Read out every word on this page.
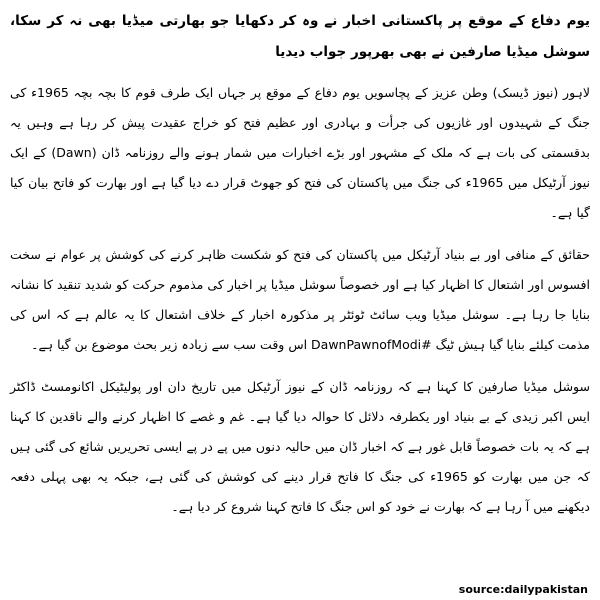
یوم دفاع کے موقع پر پاکستانی اخبار نے وہ کر دکھایا جو بھارتی میڈیا بھی نہ کر سکا، سوشل میڈیا صارفین نے بھی بھرپور جواب دیدیا

لاہور (نیوز ڈیسک) وطن عزیز کے پچاسویں یوم دفاع کے موقع پر جہاں ایک طرف قوم کا بچہ بچہ 1965ء کی جنگ کے شہیدوں اور غازیوں کی جرأت و بہادری اور عظیم فتح کو خراج عقیدت پیش کر رہا ہے وہیں یہ بدقسمتی کی بات ہے کہ ملک کے مشہور اور بڑے اخبارات میں شمار ہونے والے روزنامہ ڈان (Dawn) کے ایک نیوز آرٹیکل میں 1965ء کی جنگ میں پاکستان کی فتح کو جھوٹ قرار دے دیا گیا ہے اور بھارت کو فاتح بیان کیا گیا ہے۔

حقائق کے منافی اور بے بنیاد آرٹیکل میں پاکستان کی فتح کو شکست ظاہر کرنے کی کوشش پر عوام نے سخت افسوس اور اشتعال کا اظہار کیا ہے اور خصوصاً سوشل میڈیا پر اخبار کی مذموم حرکت کو شدید تنقید کا نشانہ بنایا جا رہا ہے۔ سوشل میڈیا ویب سائٹ ٹوئٹر پر مذکورہ اخبار کے خلاف اشتعال کا یہ عالم ہے کہ اس کی مذمت کیلئے بنایا گیا ہیش ٹیگ #DawnPawnofModi اس وقت سب سے زیادہ زیر بحث موضوع بن گیا ہے۔

سوشل میڈیا صارفین کا کہنا ہے کہ روزنامہ ڈان کے نیوز آرٹیکل میں تاریخ دان اور پولیٹیکل اکانومسٹ ڈاکٹر ایس اکبر زیدی کے بے بنیاد اور یکطرفہ دلائل کا حوالہ دیا گیا ہے۔ غم و غصے کا اظہار کرنے والے ناقدین کا کہنا ہے کہ یہ بات خصوصاً قابل غور ہے کہ اخبار ڈان میں حالیہ دنوں میں پے در پے ایسی تحریریں شائع کی گئی ہیں کہ جن میں بھارت کو 1965ء کی جنگ کا فاتح قرار دینے کی کوشش کی گئی ہے، جبکہ یہ بھی پہلی دفعہ دیکھنے میں آ رہا ہے کہ بھارت نے خود کو اس جنگ کا فاتح کہنا شروع کر دیا ہے۔

source:dailypakistan
